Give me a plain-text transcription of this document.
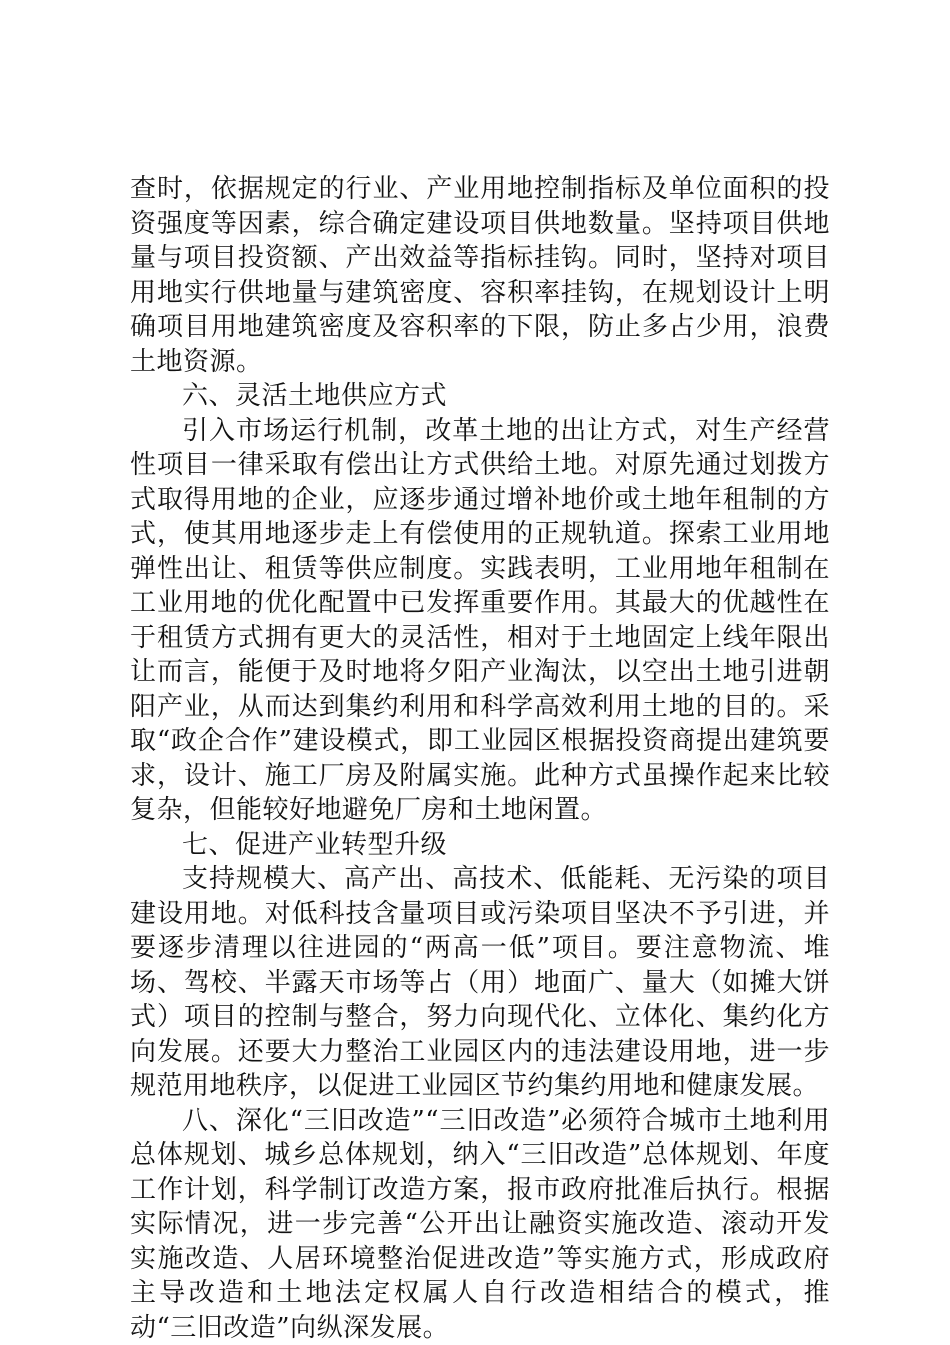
查时，依据规定的行业、产业用地控制指标及单位面积的投资强度等因素，综合确定建设项目供地数量。坚持项目供地量与项目投资额、产出效益等指标挂钩。同时，坚持对项目用地实行供地量与建筑密度、容积率挂钩，在规划设计上明确项目用地建筑密度及容积率的下限，防止多占少用，浪费土地资源。

六、灵活土地供应方式

引入市场运行机制，改革土地的出让方式，对生产经营性项目一律采取有偿出让方式供给土地。对原先通过划拨方式取得用地的企业，应逐步通过增补地价或土地年租制的方式，使其用地逐步走上有偿使用的正规轨道。探索工业用地弹性出让、租赁等供应制度。实践表明，工业用地年租制在工业用地的优化配置中已发挥重要作用。其最大的优越性在于租赁方式拥有更大的灵活性，相对于土地固定上线年限出让而言，能便于及时地将夕阳产业淘汰，以空出土地引进朝阳产业，从而达到集约利用和科学高效利用土地的目的。采取“政企合作”建设模式，即工业园区根据投资商提出建筑要求，设计、施工厂房及附属实施。此种方式虽操作起来比较复杂，但能较好地避免厂房和土地闲置。

七、促进产业转型升级

支持规模大、高产出、高技术、低能耗、无污染的项目建设用地。对低科技含量项目或污染项目坚决不予引进，并要逐步清理以往进园的“两高一低”项目。要注意物流、堆场、驾校、半露天市场等占（用）地面广、量大（如摊大饼式）项目的控制与整合，努力向现代化、立体化、集约化方向发展。还要大力整治工业园区内的违法建设用地，进一步规范用地秩序，以促进工业园区节约集约用地和健康发展。

八、深化“三旧改造”“三旧改造”必须符合城市土地利用总体规划、城乡总体规划，纳入“三旧改造”总体规划、年度工作计划，科学制订改造方案，报市政府批准后执行。根据实际情况，进一步完善“公开出让融资实施改造、滚动开发实施改造、人居环境整治促进改造”等实施方式，形成政府主导改造和土地法定权属人自行改造相结合的模式，推动“三旧改造”向纵深发展。
